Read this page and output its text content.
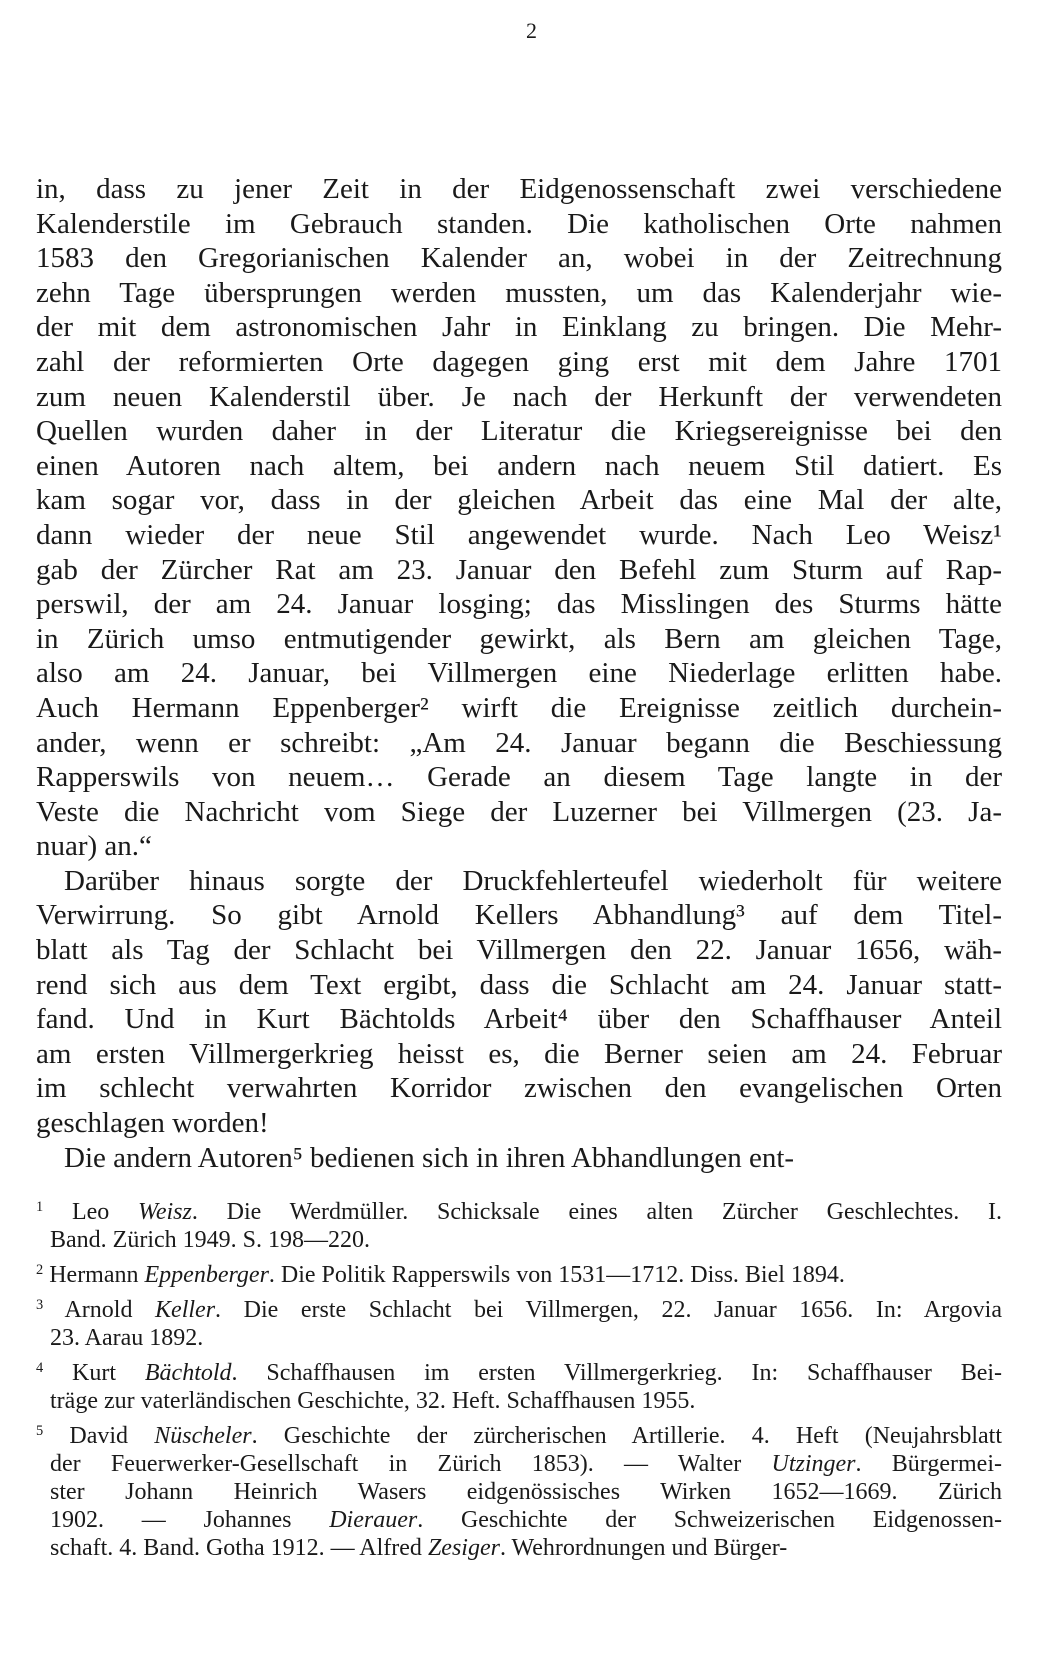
2
in, dass zu jener Zeit in der Eidgenossenschaft zwei verschiedene
Kalenderstile im Gebrauch standen. Die katholischen Orte nahmen
1583 den Gregorianischen Kalender an, wobei in der Zeitrechnung
zehn Tage übersprungen werden mussten, um das Kalenderjahr wie-
der mit dem astronomischen Jahr in Einklang zu bringen. Die Mehr-
zahl der reformierten Orte dagegen ging erst mit dem Jahre 1701
zum neuen Kalenderstil über. Je nach der Herkunft der verwendeten
Quellen wurden daher in der Literatur die Kriegsereignisse bei den
einen Autoren nach altem, bei andern nach neuem Stil datiert. Es
kam sogar vor, dass in der gleichen Arbeit das eine Mal der alte,
dann wieder der neue Stil angewendet wurde. Nach Leo Weisz¹
gab der Zürcher Rat am 23. Januar den Befehl zum Sturm auf Rap-
perswil, der am 24. Januar losging; das Misslingen des Sturms hätte
in Zürich umso entmutigender gewirkt, als Bern am gleichen Tage,
also am 24. Januar, bei Villmergen eine Niederlage erlitten habe.
Auch Hermann Eppenberger² wirft die Ereignisse zeitlich durchein-
ander, wenn er schreibt: „Am 24. Januar begann die Beschiessung
Rapperswils von neuem… Gerade an diesem Tage langte in der
Veste die Nachricht vom Siege der Luzerner bei Villmergen (23. Ja-
nuar) an.“
Darüber hinaus sorgte der Druckfehlerteufel wiederholt für weitere
Verwirrung. So gibt Arnold Kellers Abhandlung³ auf dem Titel-
blatt als Tag der Schlacht bei Villmergen den 22. Januar 1656, wäh-
rend sich aus dem Text ergibt, dass die Schlacht am 24. Januar statt-
fand. Und in Kurt Bächtolds Arbeit⁴ über den Schaffhauser Anteil
am ersten Villmergerkrieg heisst es, die Berner seien am 24. Februar
im schlecht verwahrten Korridor zwischen den evangelischen Orten
geschlagen worden!
Die andern Autoren⁵ bedienen sich in ihren Abhandlungen ent-
$^1$ Leo Weisz. Die Werdmüller. Schicksale eines alten Zürcher Geschlechtes. I.
Band. Zürich 1949. S. 198—220.
$^2$ Hermann Eppenberger. Die Politik Rapperswils von 1531—1712. Diss. Biel 1894.
$^3$ Arnold Keller. Die erste Schlacht bei Villmergen, 22. Januar 1656. In: Argovia
23. Aarau 1892.
$^4$ Kurt Bächtold. Schaffhausen im ersten Villmergerkrieg. In: Schaffhauser Bei-
träge zur vaterländischen Geschichte, 32. Heft. Schaffhausen 1955.
$^5$ David Nüscheler. Geschichte der zürcherischen Artillerie. 4. Heft (Neujahrsblatt
der Feuerwerker-Gesellschaft in Zürich 1853). — Walter Utzinger. Bürgermei-
ster Johann Heinrich Wasers eidgenössisches Wirken 1652—1669. Zürich
1902. — Johannes Dierauer. Geschichte der Schweizerischen Eidgenossen-
schaft. 4. Band. Gotha 1912. — Alfred Zesiger. Wehrordnungen und Bürger-
